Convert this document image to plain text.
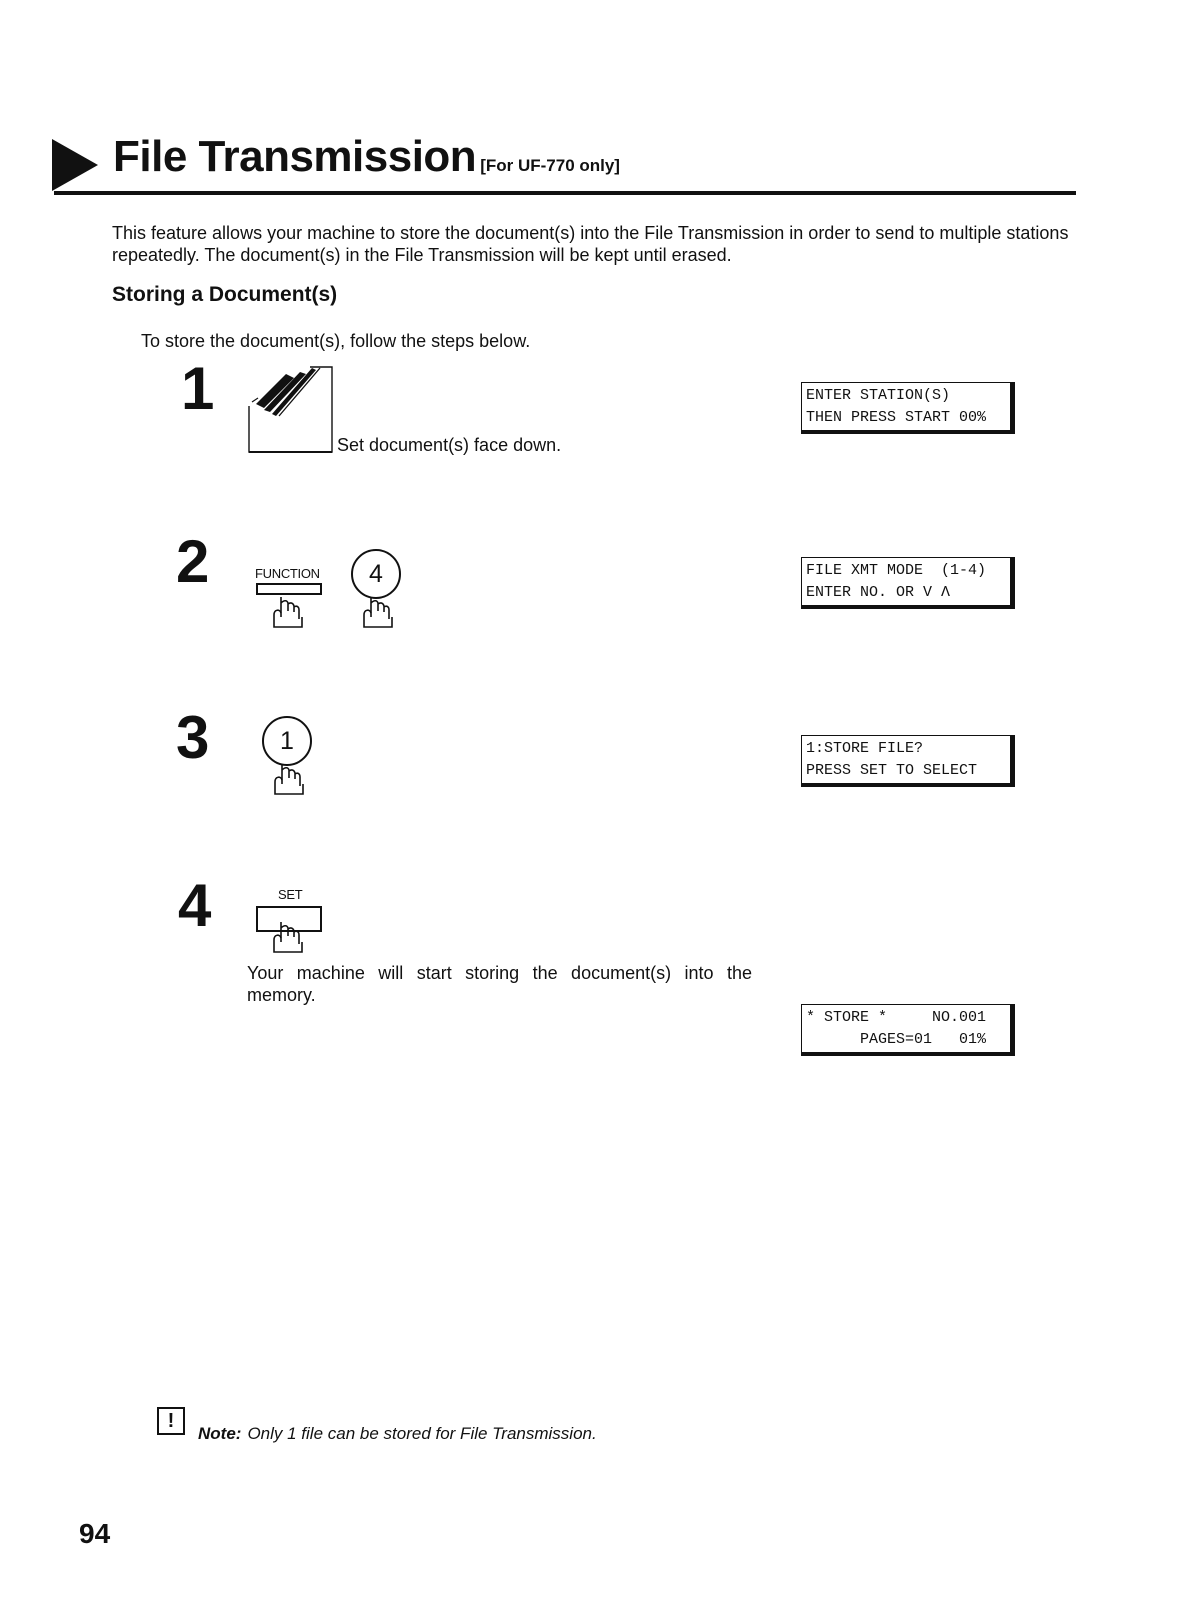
File Transmission [For UF-770 only]
This feature allows your machine to store the document(s) into the File Transmission in order to send to multiple stations repeatedly. The document(s) in the File Transmission will be kept until erased.
Storing a Document(s)
To store the document(s), follow the steps below.
1
Set document(s) face down.
ENTER STATION(S)
THEN PRESS START 00%
2	FUNCTION	4	FILE XMT MODE  (1-4)
ENTER NO. OR V Λ
3	1	1:STORE FILE?
PRESS SET TO SELECT
4	SET
Your machine will start storing the document(s) into the memory.
* STORE *     NO.001
PAGES=01   01%
!
Note: Only 1 file can be stored for File Transmission.
94
